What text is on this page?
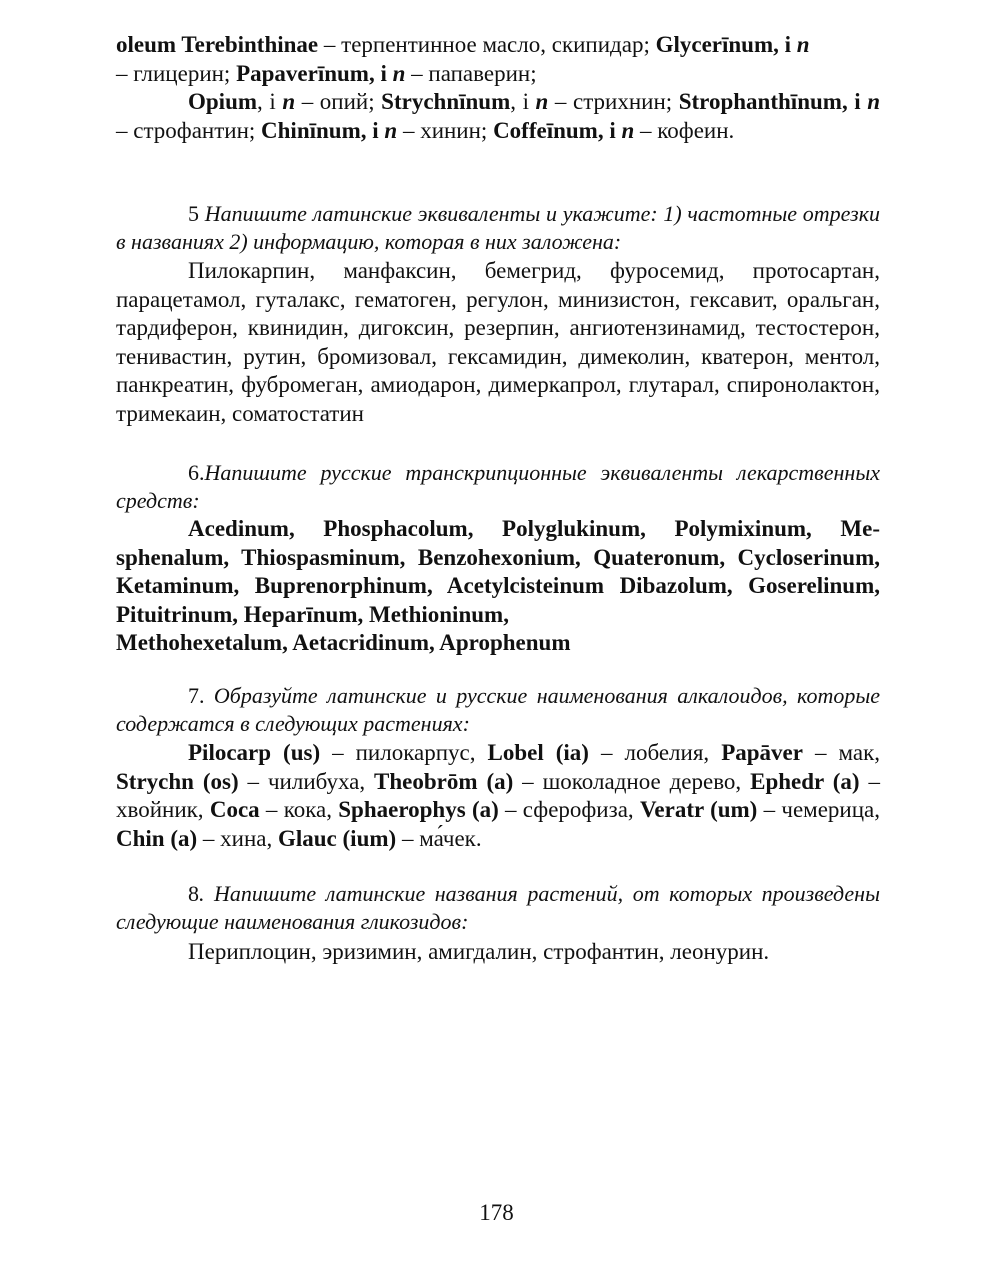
oleum Terebinthinae – терпентинное масло, скипидар; Glycerīnum, i n

– глицерин; Papaverīnum, i n – папаверин;

Opium, i n – опий; Strychnīnum, i n – стрихнин; Strophanthīnum, i n – строфантин; Chinīnum, i n – хинин; Coffeīnum, i n – кофеин.

5 Напишите латинские эквиваленты и укажите: 1) частотные отрезки в названиях 2) информацию, которая в них заложена:

Пилокарпин, манфаксин, бемегрид, фуросемид, протосартан, парацетамол, гуталакс, гематоген, регулон, минизистон, гексавит, оральган, тардиферон, квинидин, дигоксин, резерпин, ангиотензинамид, тестостерон, тенивастин, рутин, бромизовал, гексамидин, димеколин, кватерон, ментол, панкреатин, фубромеган, амиодарон, димеркапрол, глутарал, спиронолактон, тримекаин, соматостатин

6.Напишите русские транскрипционные эквиваленты лекарственных средств:

Acedinum, Phosphacolum, Polyglukinum, Polymixinum, Mesphenalum, Thiospasminum, Benzohexonium, Quateronum, Cycloserinum, Ketaminum, Buprenorphinum, Acetylcisteinum Dibazolum, Goserelinum, Pituitrinum, Heparīnum, Methioninum,
Methohexetalum, Aetacridinum, Aprophenum

7. Образуйте латинские и русские наименования алкалоидов, которые содержатся в следующих растениях:

Pilocarp (us) – пилокарпус, Lobel (ia) – лобелия, Papāver – мак, Strychn (os) – чилибуха, Theobrōm (a) – шоколадное дерево, Ephedr (a) – хвойник, Coca – кока, Sphaerophys (a) – сферофиза, Veratr (um) – чемерица, Chin (a) – хина, Glauc (ium) – ма́чек.

8. Напишите латинские названия растений, от которых произведены следующие наименования гликозидов:

Периплоцин, эризимин, амигдалин, строфантин, леонурин.

178
